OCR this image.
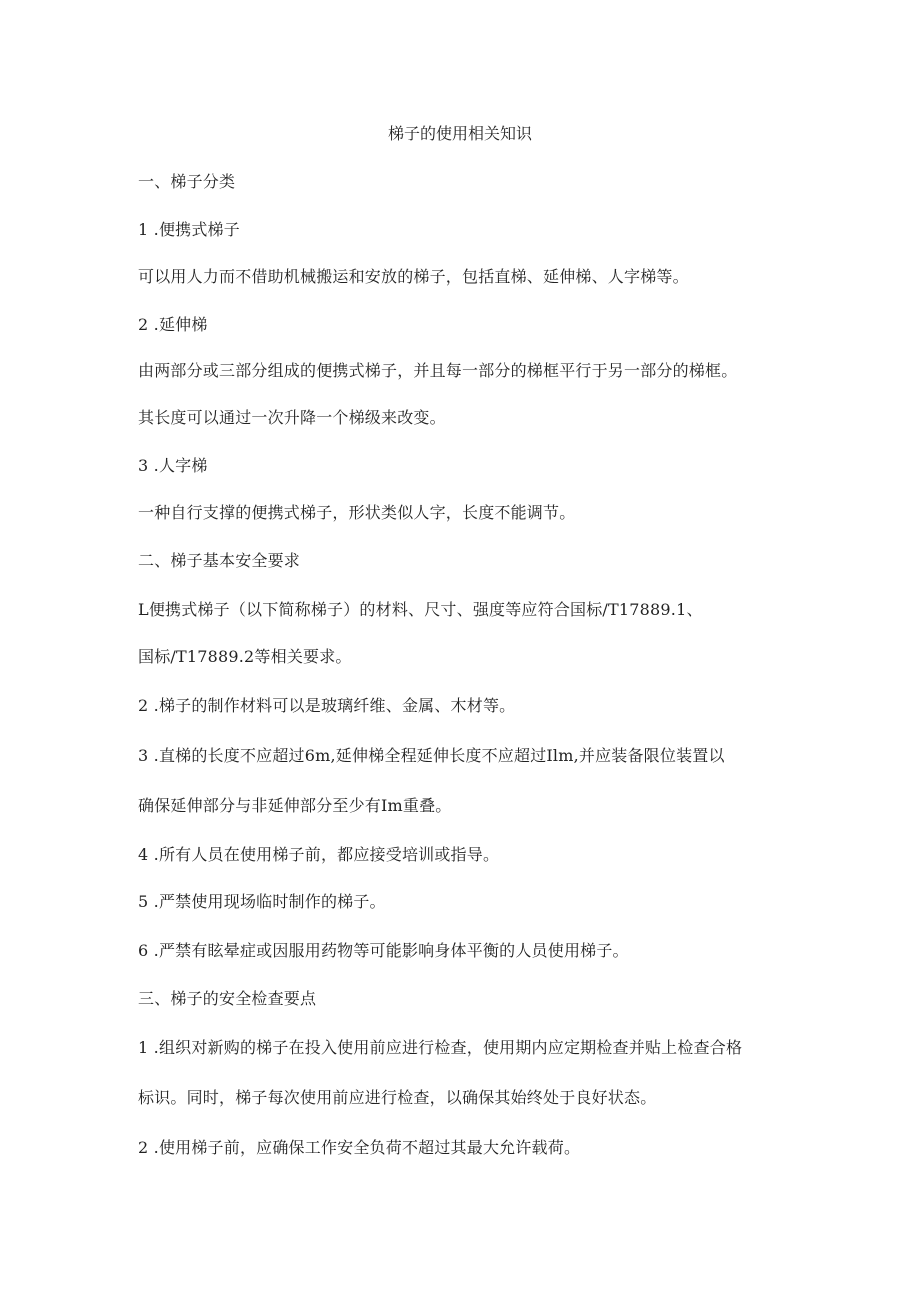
梯子的使用相关知识
一、梯子分类
1 .便携式梯子
可以用人力而不借助机械搬运和安放的梯子，包括直梯、延伸梯、人字梯等。
2 .延伸梯
由两部分或三部分组成的便携式梯子，并且每一部分的梯框平行于另一部分的梯框。
其长度可以通过一次升降一个梯级来改变。
3 .人字梯
一种自行支撑的便携式梯子，形状类似人字，长度不能调节。
二、梯子基本安全要求
L便携式梯子（以下简称梯子）的材料、尺寸、强度等应符合国标/T17889.1、
国标/T17889.2等相关要求。
2 .梯子的制作材料可以是玻璃纤维、金属、木材等。
3 .直梯的长度不应超过6m,延伸梯全程延伸长度不应超过Ilm,并应装备限位装置以
确保延伸部分与非延伸部分至少有Im重叠。
4 .所有人员在使用梯子前，都应接受培训或指导。
5 .严禁使用现场临时制作的梯子。
6 .严禁有眩晕症或因服用药物等可能影响身体平衡的人员使用梯子。
三、梯子的安全检查要点
1 .组织对新购的梯子在投入使用前应进行检查，使用期内应定期检查并贴上检查合格
标识。同时，梯子每次使用前应进行检查，以确保其始终处于良好状态。
2 .使用梯子前，应确保工作安全负荷不超过其最大允许载荷。
